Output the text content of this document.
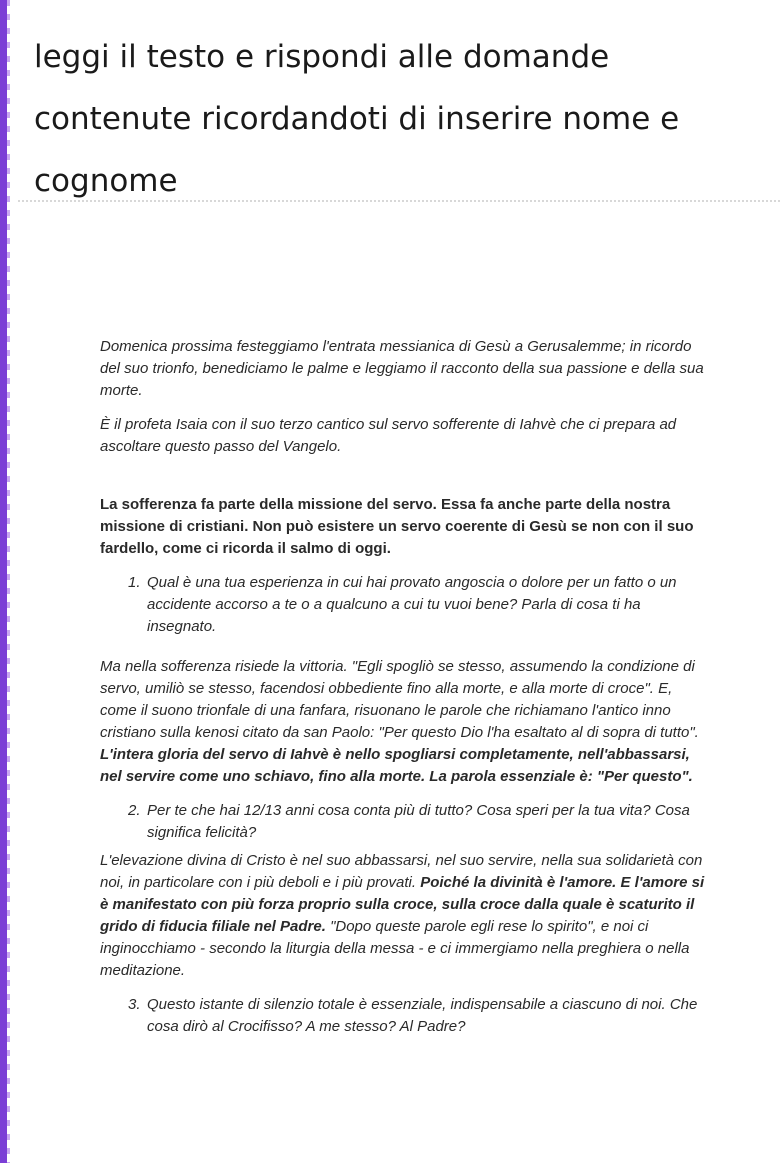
leggi il testo e rispondi alle domande contenute ricordandoti di inserire nome e cognome

Domenica prossima festeggiamo l'entrata messianica di Gesù a Gerusalemme; in ricordo del suo trionfo, benediciamo le palme e leggiamo il racconto della sua passione e della sua morte.

È il profeta Isaia con il suo terzo cantico sul servo sofferente di Iahvè che ci prepara ad ascoltare questo passo del Vangelo.

La sofferenza fa parte della missione del servo. Essa fa anche parte della nostra missione di cristiani. Non può esistere un servo coerente di Gesù se non con il suo fardello, come ci ricorda il salmo di oggi.

1. Qual è una tua esperienza in cui hai provato angoscia o dolore per un fatto o un accidente accorso a te o a qualcuno a cui tu vuoi bene? Parla di cosa ti ha insegnato.

Ma nella sofferenza risiede la vittoria. "Egli spogliò se stesso, assumendo la condizione di servo, umiliò se stesso, facendosi obbediente fino alla morte, e alla morte di croce". E, come il suono trionfale di una fanfara, risuonano le parole che richiamano l'antico inno cristiano sulla kenosi citato da san Paolo: "Per questo Dio l'ha esaltato al di sopra di tutto". L'intera gloria del servo di Iahvè è nello spogliarsi completamente, nell'abbassarsi, nel servire come uno schiavo, fino alla morte. La parola essenziale è: "Per questo".

2. Per te che hai 12/13 anni cosa conta più di tutto? Cosa speri per la tua vita? Cosa significa felicità?

L'elevazione divina di Cristo è nel suo abbassarsi, nel suo servire, nella sua solidarietà con noi, in particolare con i più deboli e i più provati. Poiché la divinità è l'amore. E l'amore si è manifestato con più forza proprio sulla croce, sulla croce dalla quale è scaturito il grido di fiducia filiale nel Padre. "Dopo queste parole egli rese lo spirito", e noi ci inginocchiamo - secondo la liturgia della messa - e ci immergiamo nella preghiera o nella meditazione.

3. Questo istante di silenzio totale è essenziale, indispensabile a ciascuno di noi. Che cosa dirò al Crocifisso? A me stesso? Al Padre?
